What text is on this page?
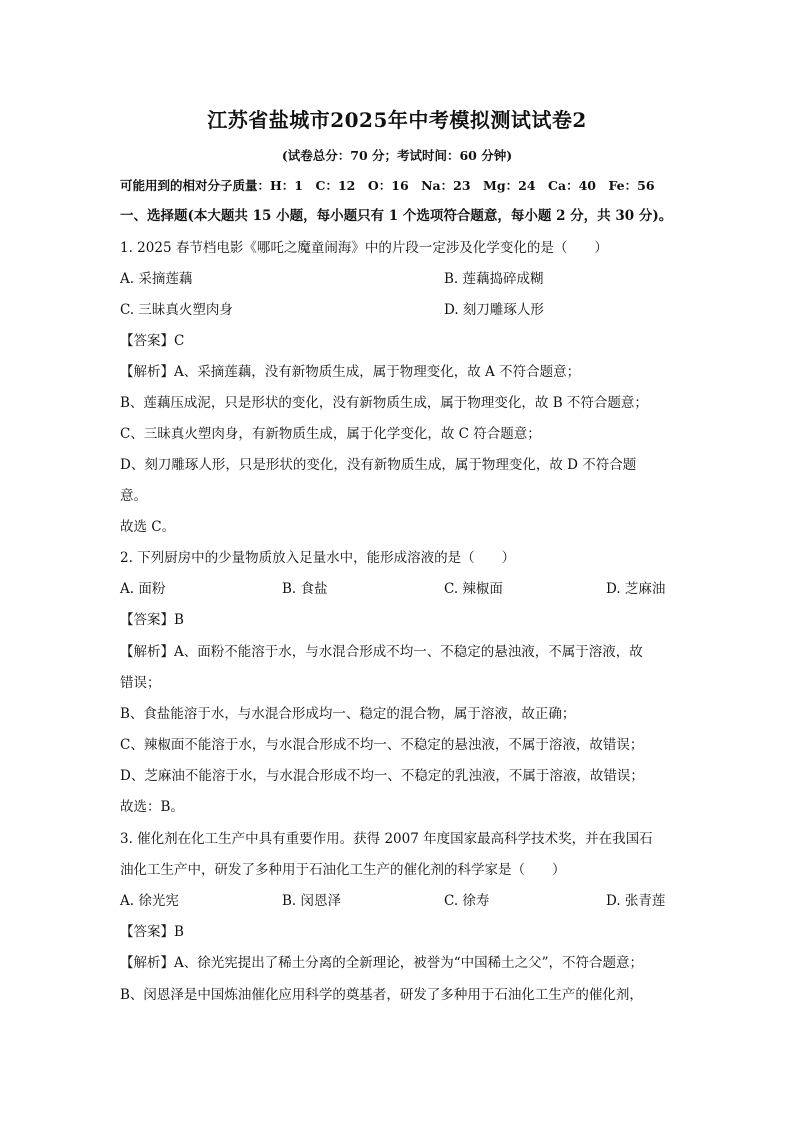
江苏省盐城市2025年中考模拟测试试卷2
(试卷总分：70 分；考试时间：60 分钟)
可能用到的相对分子质量：H：1　C：12　O：16　Na：23　Mg：24　Ca：40　Fe：56
一、选择题(本大题共 15 小题，每小题只有 1 个选项符合题意，每小题 2 分，共 30 分)。
1. 2025 春节档电影《哪吒之魔童闹海》中的片段一定涉及化学变化的是（　　）
A. 采摘莲藕	B. 莲藕捣碎成糊
C. 三昧真火塑肉身	D. 刻刀雕琢人形
【答案】C
【解析】A、采摘莲藕，没有新物质生成，属于物理变化，故 A 不符合题意；
B、莲藕压成泥，只是形状的变化，没有新物质生成，属于物理变化，故 B 不符合题意；
C、三昧真火塑肉身，有新物质生成，属于化学变化，故 C 符合题意；
D、刻刀雕琢人形，只是形状的变化，没有新物质生成，属于物理变化，故 D 不符合题
意。
故选 C。
2. 下列厨房中的少量物质放入足量水中，能形成溶液的是（　　）
A. 面粉	B. 食盐	C. 辣椒面	D. 芝麻油
【答案】B
【解析】A、面粉不能溶于水，与水混合形成不均一、不稳定的悬浊液，不属于溶液，故
错误；
B、食盐能溶于水，与水混合形成均一、稳定的混合物，属于溶液，故正确；
C、辣椒面不能溶于水，与水混合形成不均一、不稳定的悬浊液，不属于溶液，故错误；
D、芝麻油不能溶于水，与水混合形成不均一、不稳定的乳浊液，不属于溶液，故错误；
故选：B。
3. 催化剂在化工生产中具有重要作用。获得 2007 年度国家最高科学技术奖，并在我国石
油化工生产中，研发了多种用于石油化工生产的催化剂的科学家是（　　）
A. 徐光宪	B. 闵恩泽	C. 徐寿	D. 张青莲
【答案】B
【解析】A、徐光宪提出了稀土分离的全新理论，被誉为“中国稀土之父”，不符合题意；
B、闵恩泽是中国炼油催化应用科学的奠基者，研发了多种用于石油化工生产的催化剂，
